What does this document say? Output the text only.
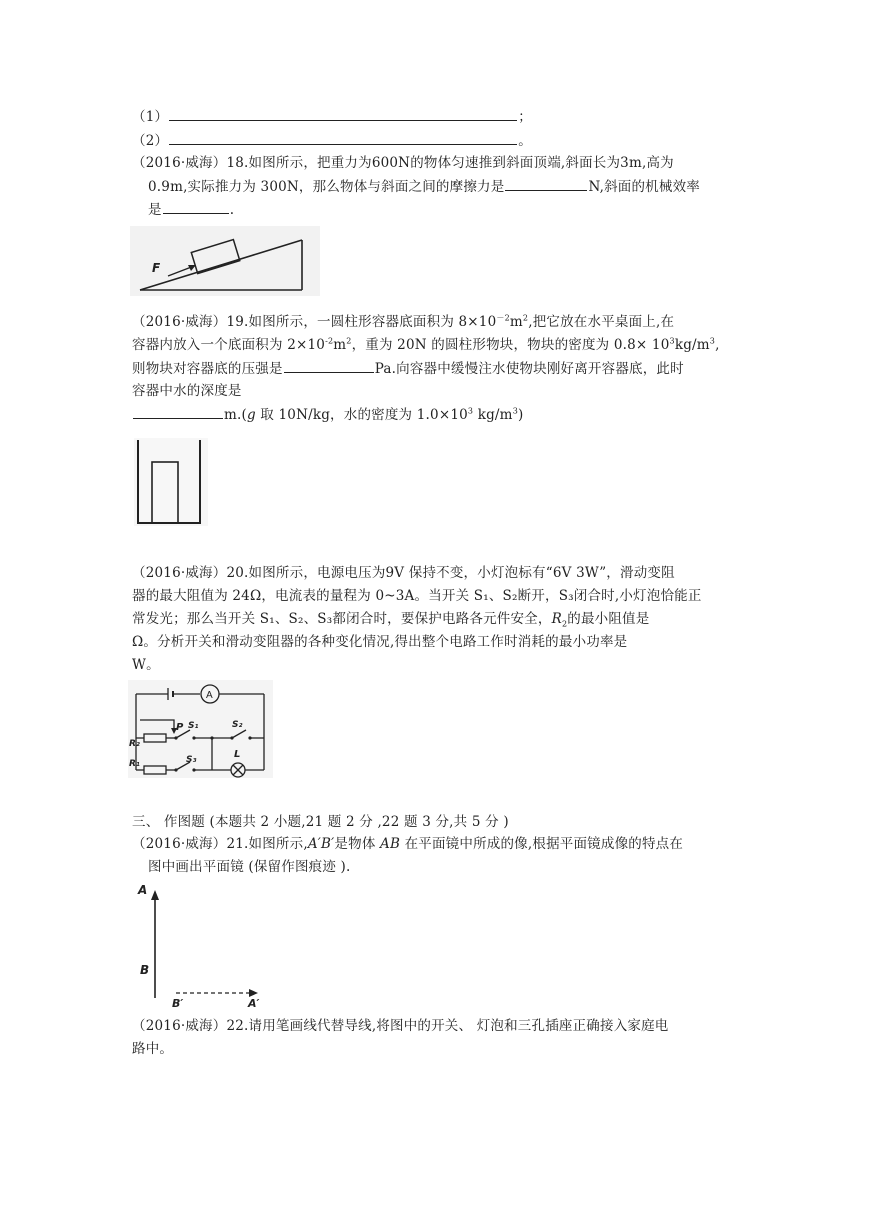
（1）	；
（2）	。
（2016·威海）18.如图所示，把重力为600N的物体匀速推到斜面顶端,斜面长为3m,高为
0.9m,实际推力为 300N，那么物体与斜面之间的摩擦力是	N,斜面的机械效率
是	.
F
（2016·威海）19.如图所示，一圆柱形容器底面积为 $8\times 10^{-2}m^2$,把它放在水平桌面上,在
容器内放入一个底面积为 $2\times 10^{-2}m^2$，重为 20N 的圆柱形物块，物块的密度为 $0.8\times 10^3kg/m^3$,
则物块对容器底的压强是	Pa.向容器中缓慢注水使物块刚好离开容器底，此时
容器中水的深度是
m.(g 取 10N/kg，水的密度为 $1.0\times 10^3$ $kg/m^3$)
（2016·威海）20.如图所示，电源电压为9V 保持不变，小灯泡标有“6V 3W”，滑动变阻
器的最大阻值为 24Ω，电流表的量程为 0~3A。当开关 S₁、S₂断开，S₃闭合时,小灯泡恰能正
常发光；那么当开关 S₁、S₂、S₃都闭合时，要保护电路各元件安全，$R_2$的最小阻值是
Ω。分析开关和滑动变阻器的各种变化情况,得出整个电路工作时消耗的最小功率是
W。
A
P S₁	S₂
S₃	L
R₂
R₁
三、 作图题 (本题共 2 小题,21 题 2 分 ,22 题 3 分,共 5 分 )
（2016·威海）21.如图所示,A′B′是物体 AB 在平面镜中所成的像,根据平面镜成像的特点在
图中画出平面镜 (保留作图痕迹 ).
A
B
B′	A′
（2016·威海）22.请用笔画线代替导线,将图中的开关、 灯泡和三孔插座正确接入家庭电
路中。
